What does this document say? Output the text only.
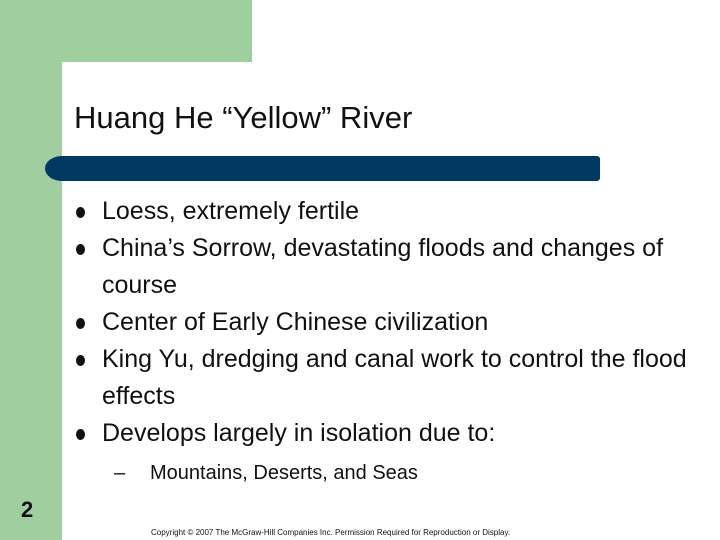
Huang He “Yellow” River
Loess, extremely fertile
China’s Sorrow, devastating floods and changes of course
Center of Early Chinese civilization
King Yu, dredging and canal work to control the flood effects
Develops largely in isolation due to:
– Mountains, Deserts, and Seas
2
Copyright © 2007 The McGraw-Hill Companies Inc. Permission Required for Reproduction or Display.
